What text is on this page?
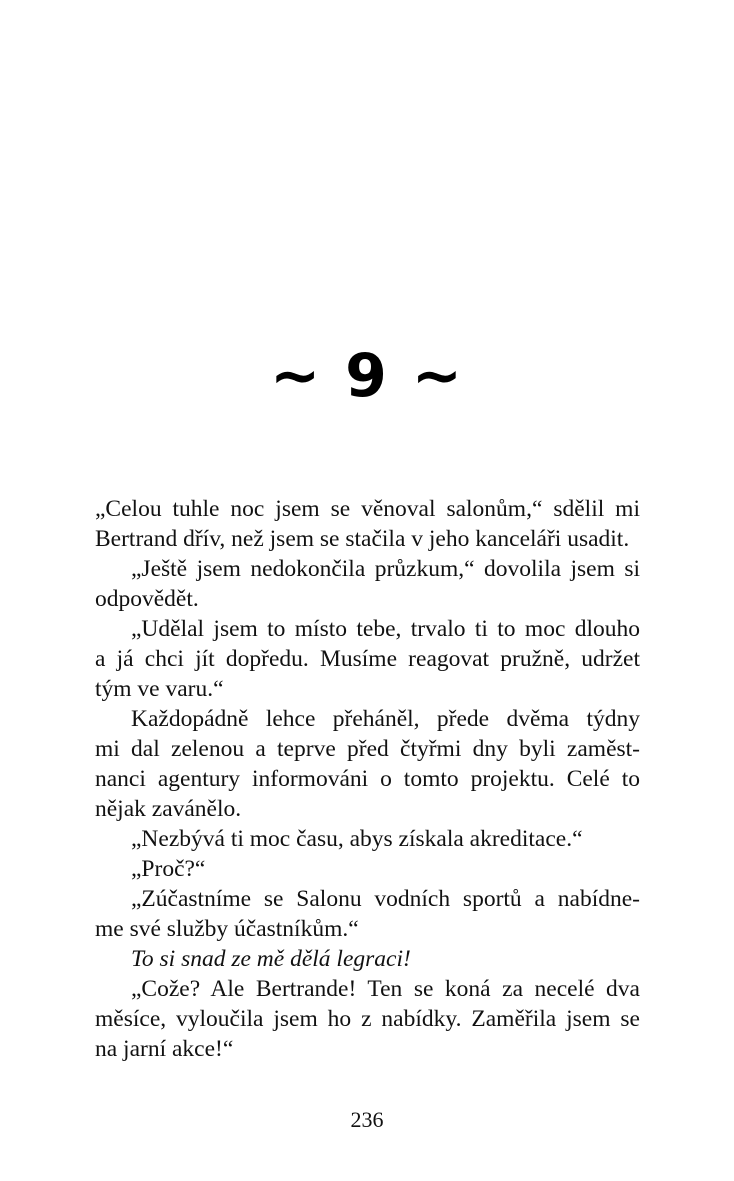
~ 9 ~

„Celou tuhle noc jsem se věnoval salonům,“ sdělil mi
Bertrand dřív, než jsem se stačila v jeho kanceláři usadit.

„Ještě jsem nedokončila průzkum,“ dovolila jsem si
odpovědět.

„Udělal jsem to místo tebe, trvalo ti to moc dlouho
a já chci jít dopředu. Musíme reagovat pružně, udržet
tým ve varu.“

Každopádně lehce přeháněl, přede dvěma týdny
mi dal zelenou a teprve před čtyřmi dny byli zaměst-
nanci agentury informováni o tomto projektu. Celé to
nějak zavánělo.

„Nezbývá ti moc času, abys získala akreditace.“

„Proč?“

„Zúčastníme se Salonu vodních sportů a nabídne-
me své služby účastníkům.“

To si snad ze mě dělá legraci!

„Cože? Ale Bertrande! Ten se koná za necelé dva
měsíce, vyloučila jsem ho z nabídky. Zaměřila jsem se
na jarní akce!“

236
